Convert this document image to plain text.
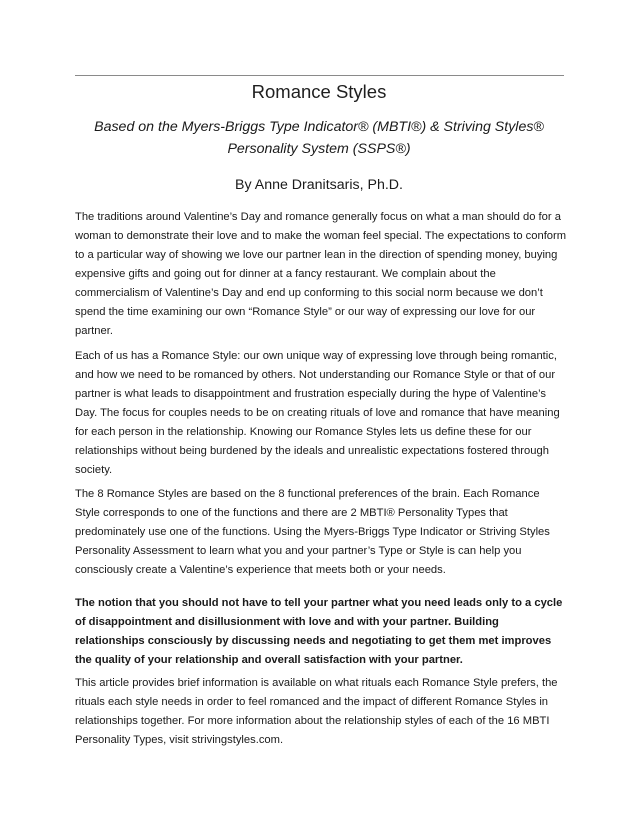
Romance Styles
Based on the Myers-Briggs Type Indicator® (MBTI®) & Striving Styles® Personality System (SSPS®)
By Anne Dranitsaris, Ph.D.

The traditions around Valentine’s Day and romance generally focus on what a man should do for a woman to demonstrate their love and to make the woman feel special. The expectations to conform to a particular way of showing we love our partner lean in the direction of spending money, buying expensive gifts and going out for dinner at a fancy restaurant. We complain about the commercialism of Valentine’s Day and end up conforming to this social norm because we don’t spend the time examining our own “Romance Style” or our way of expressing our love for our partner.

Each of us has a Romance Style: our own unique way of expressing love through being romantic, and how we need to be romanced by others. Not understanding our Romance Style or that of our partner is what leads to disappointment and frustration especially during the hype of Valentine’s Day. The focus for couples needs to be on creating rituals of love and romance that have meaning for each person in the relationship. Knowing our Romance Styles lets us define these for our relationships without being burdened by the ideals and unrealistic expectations fostered through society.

The 8 Romance Styles are based on the 8 functional preferences of the brain. Each Romance Style corresponds to one of the functions and there are 2 MBTI® Personality Types that predominately use one of the functions. Using the Myers-Briggs Type Indicator or Striving Styles Personality Assessment to learn what you and your partner’s Type or Style is can help you consciously create a Valentine’s experience that meets both or your needs.

The notion that you should not have to tell your partner what you need leads only to a cycle of disappointment and disillusionment with love and with your partner. Building relationships consciously by discussing needs and negotiating to get them met improves the quality of your relationship and overall satisfaction with your partner.

This article provides brief information is available on what rituals each Romance Style prefers, the rituals each style needs in order to feel romanced and the impact of different Romance Styles in relationships together. For more information about the relationship styles of each of the 16 MBTI Personality Types, visit strivingstyles.com.
